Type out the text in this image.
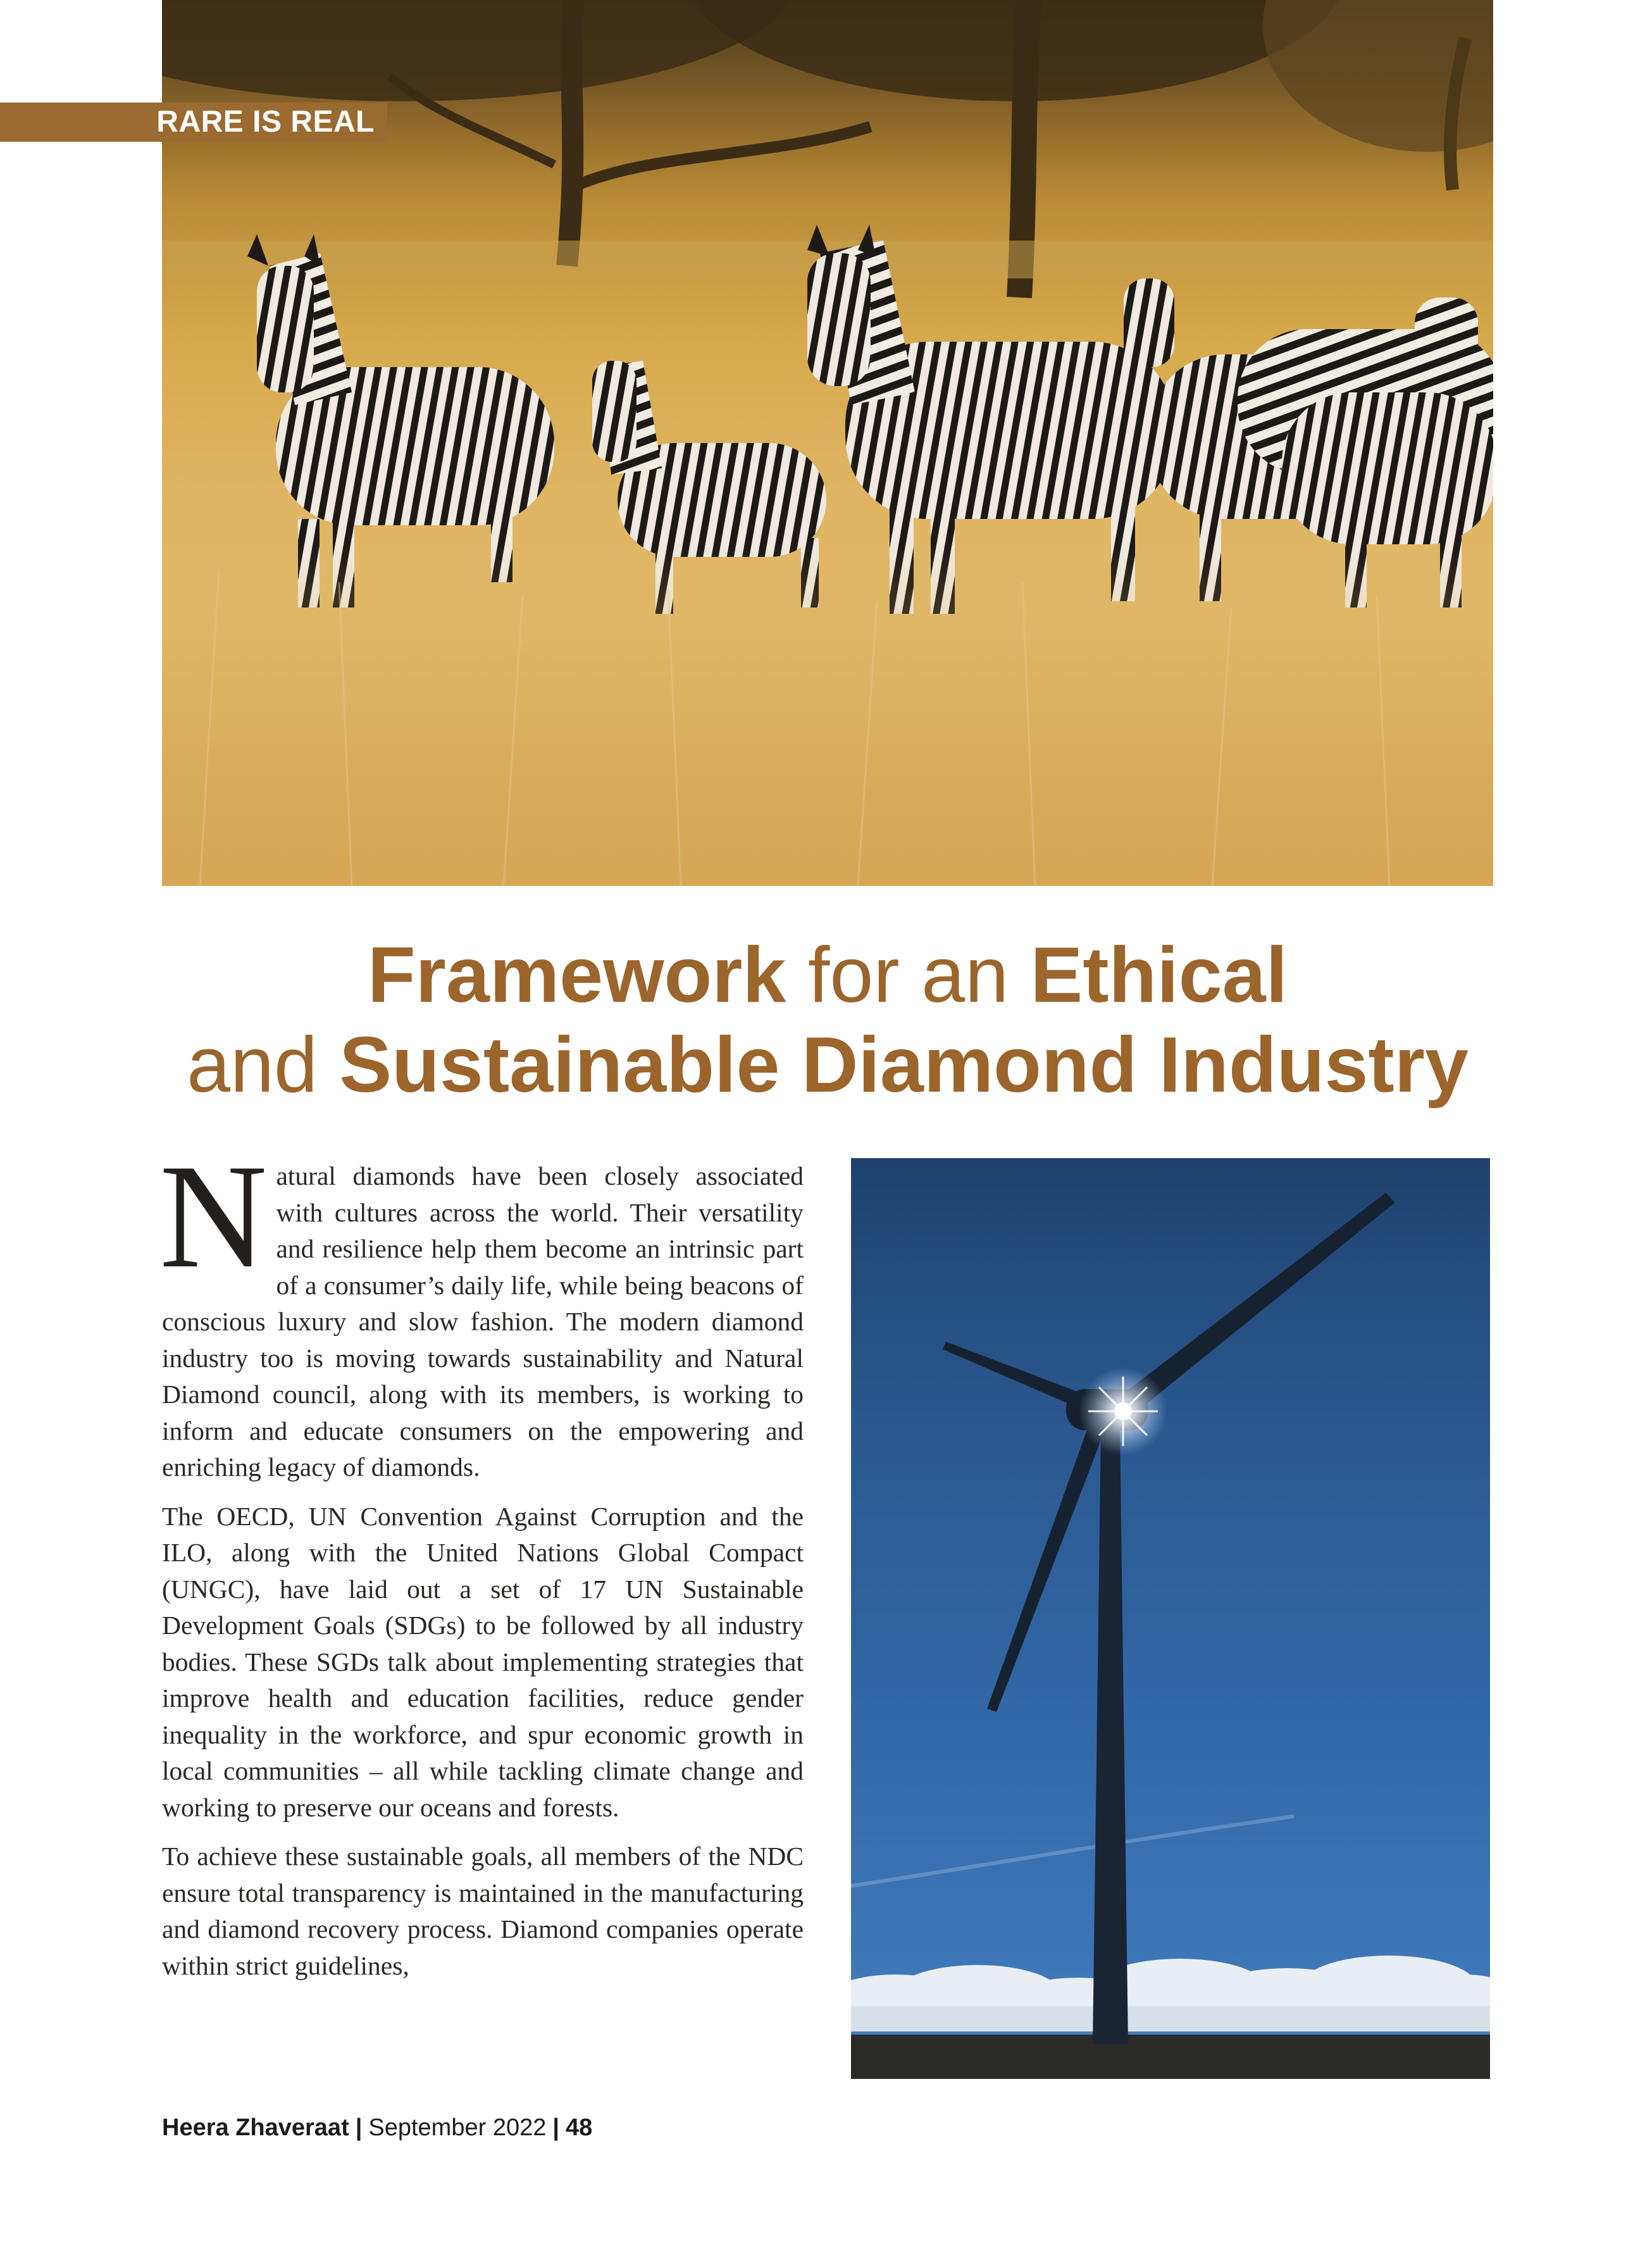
RARE IS REAL
Framework for an Ethical
and Sustainable Diamond Industry

Natural diamonds have been closely associated with cultures across the world. Their versatility and resilience help them become an intrinsic part of a consumer’s daily life, while being beacons of conscious luxury and slow fashion. The modern diamond industry too is moving towards sustainability and Natural Diamond council, along with its members, is working to inform and educate consumers on the empowering and enriching legacy of diamonds.

The OECD, UN Convention Against Corruption and the ILO, along with the United Nations Global Compact (UNGC), have laid out a set of 17 UN Sustainable Development Goals (SDGs) to be followed by all industry bodies. These SGDs talk about implementing strategies that improve health and education facilities, reduce gender inequality in the workforce, and spur economic growth in local communities – all while tackling climate change and working to preserve our oceans and forests.

To achieve these sustainable goals, all members of the NDC ensure total transparency is maintained in the manufacturing and diamond recovery process. Diamond companies operate within strict guidelines,

Heera Zhaveraat | September 2022 | 48
